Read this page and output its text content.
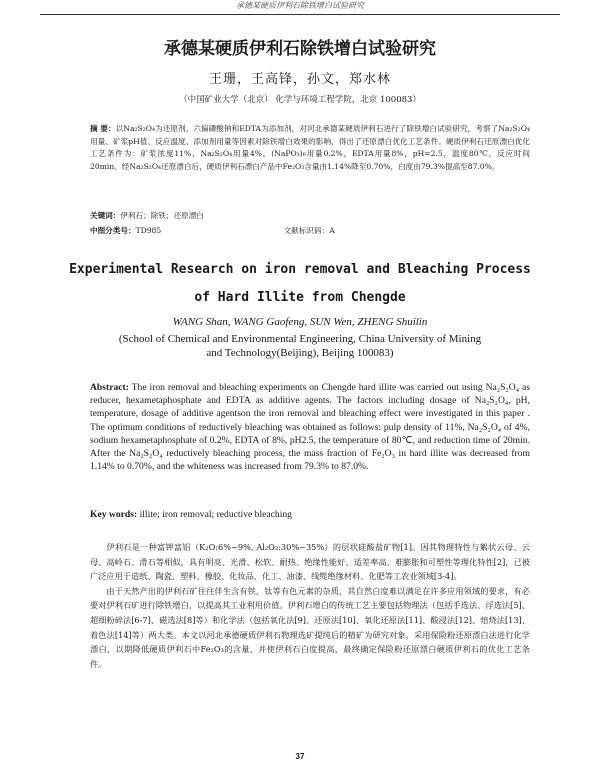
承德某硬质伊利石除铁增白试验研究
承德某硬质伊利石除铁增白试验研究
王珊，王高锋，孙文，郑水林
（中国矿业大学（北京） 化学与环境工程学院，北京 100083）
摘 要：以Na₂S₂O₄为还原剂，六偏磷酸钠和EDTA为添加剂，对河北承德某硬质伊利石进行了除铁增白试验研究，考察了Na₂S₂O₄用量、矿浆pH值、反应温度、添加剂用量等因素对除铁增白效果的影响，得出了还原漂白优化工艺条件。硬质伊利石还原漂白优化工艺条件为：矿浆浓度11%，Na₂S₂O₄用量4%，(NaPO₃)₆用量0.2%，EDTA用量8%，pH=2.5，温度80℃，反应时间20min。经Na₂S₂O₄还原漂白后，硬质伊利石漂白产品中Fe₂O₃含量由1.14%降至0.70%，白度由79.3%提高至87.0%。
关键词：伊利石；除铁；还原漂白
中图分类号：TD985	文献标识码：A
Experimental Research on iron removal and Bleaching Process
of Hard Illite from Chengde
WANG Shan, WANG Gaofeng, SUN Wen, ZHENG Shuilin
(School of Chemical and Environmental Engineering, China University of Mining and Technology(Beijing), Beijing 100083)
Abstract: The iron removal and bleaching experiments on Chengde hard illite was carried out using Na₂S₂O₄ as reducer, hexametaphosphate and EDTA as additive agents. The factors including dosage of Na₂S₂O₄, pH, temperature, dosage of additive agentson the iron removal and bleaching effect were investigated in this paper . The optimum conditions of reductively bleaching was obtained as follows: pulp density of 11%, Na₂S₂O₄ of 4%, sodium hexametaphosphate of 0.2%, EDTA of 8%, pH2.5, the temperature of 80℃, and reduction time of 20min. After the Na₂S₂O₄ reductively bleaching process, the mass fraction of Fe₂O₃ in hard illite was decreased from 1.14% to 0.70%, and the whiteness was increased from 79.3% to 87.0%.
Key words: illite; iron removal; reductive bleaching

伊利石是一种富钾富铝（K₂O:6%~9%, Al₂O₃:30%~35%）的层状硅酸盐矿物[1]。因其物理特性与絮状云母、云母、高岭石、滑石等相似，具有明亮、光滑、松软、耐热、绝缘性能好、适差率高、难膨胀和可塑性等理化特性[2]，已被广泛应用于造纸、陶瓷、塑料、橡胶、化妆品、化工、油漆、线缆绝缘材料、化肥等工农业领域[3-4]。

由于天然产出的伊利石矿往往伴生含有铁、钛等有色元素的杂质，其自然白度难以满足在许多应用领域的要求，有必要对伊利石矿进行除铁增白，以提高其工业利用价值。伊利石增白的传统工艺主要包括物理法（包括手选法、浮选法[5]、超细粉碎法[6-7]、磁选法[8]等）和化学法（包括氧化法[9]、还原法[10]、氧化还原法[11]、酸浸法[12]、焙烧法[13]、着色法[14]等）两大类。本文以河北承德硬质伊利石物理选矿提纯后的精矿为研究对象，采用保险粉还原漂白法进行化学漂白，以期降低硬质伊利石中Fe₂O₃的含量，并使伊利石白度提高，最终确定保险粉还原漂白硬质伊利石的优化工艺条件。

37
